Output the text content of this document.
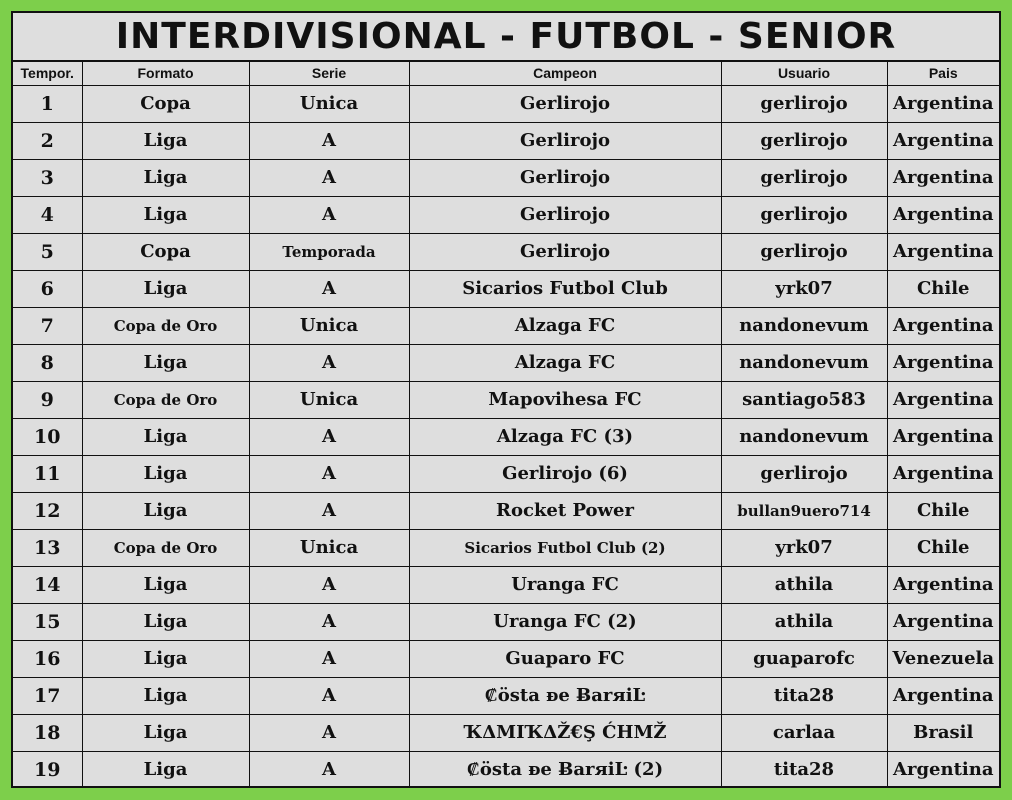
INTERDIVISIONAL - FUTBOL - SENIOR
Tempor.	Formato	Serie	Campeon	Usuario	Pais
1	Copa	Unica	Gerlirojo	gerlirojo	Argentina
2	Liga	A	Gerlirojo	gerlirojo	Argentina
3	Liga	A	Gerlirojo	gerlirojo	Argentina
4	Liga	A	Gerlirojo	gerlirojo	Argentina
5	Copa	Temporada	Gerlirojo	gerlirojo	Argentina
6	Liga	A	Sicarios Futbol Club	yrk07	Chile
7	Copa de Oro	Unica	Alzaga FC	nandonevum	Argentina
8	Liga	A	Alzaga FC	nandonevum	Argentina
9	Copa de Oro	Unica	Mapovihesa FC	santiago583	Argentina
10	Liga	A	Alzaga FC (3)	nandonevum	Argentina
11	Liga	A	Gerlirojo (6)	gerlirojo	Argentina
12	Liga	A	Rocket Power	bullan9uero714	Chile
13	Copa de Oro	Unica	Sicarios Futbol Club (2)	yrk07	Chile
14	Liga	A	Uranga FC	athila	Argentina
15	Liga	A	Uranga FC (2)	athila	Argentina
16	Liga	A	Guaparo FC	guaparofc	Venezuela
17	Liga	A	₡östa ᴆe ɃarяiĿ	tita28	Argentina
18	Liga	A	ҠΔMIҠΔŽ€Ş ĆHMŽ	carlaa	Brasil
19	Liga	A	₡östa ᴆe ɃarяiĿ (2)	tita28	Argentina
